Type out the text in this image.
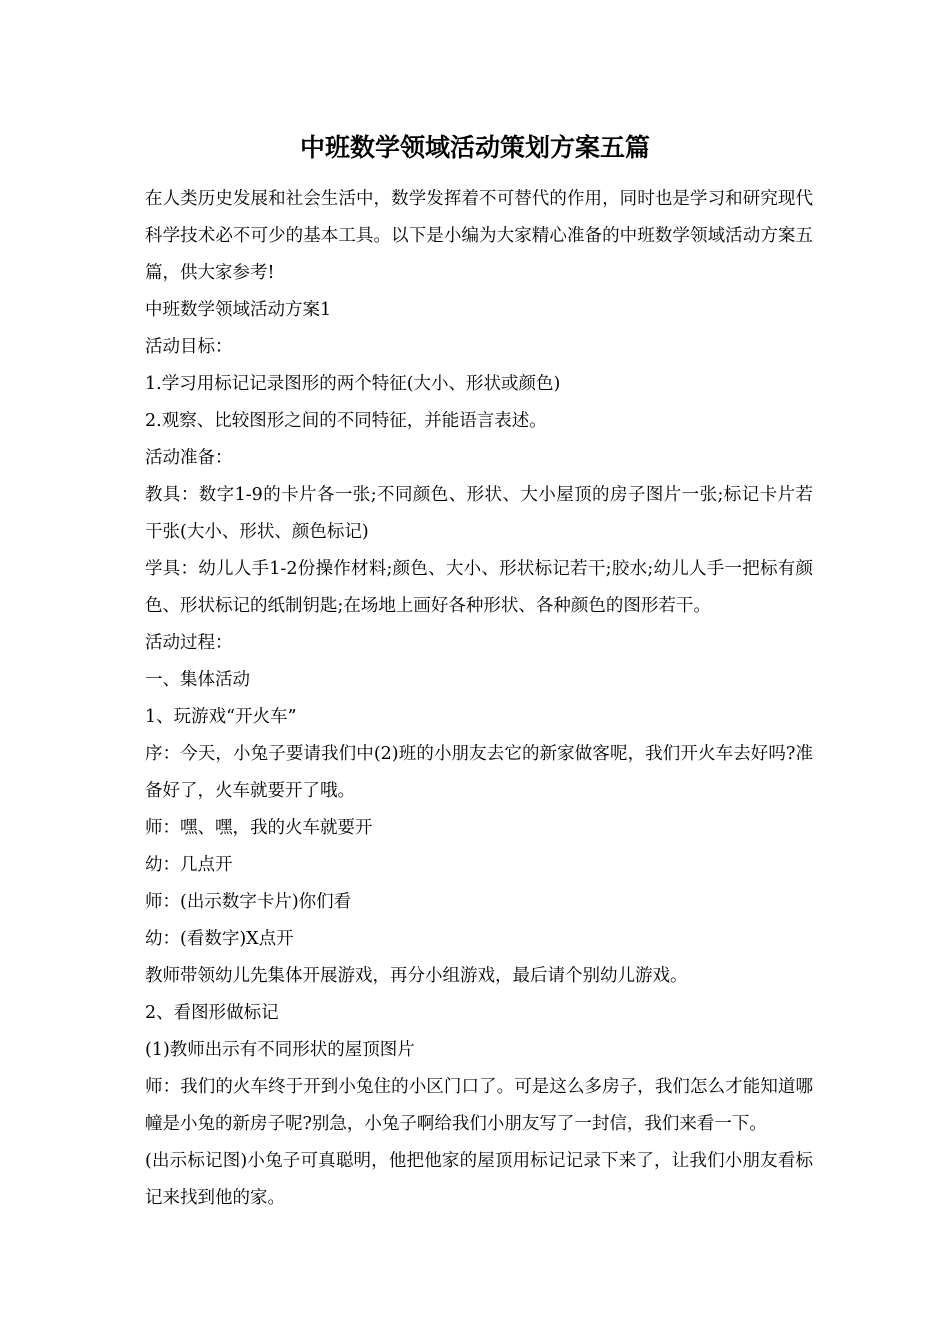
中班数学领域活动策划方案五篇

在人类历史发展和社会生活中，数学发挥着不可替代的作用，同时也是学习和研究现代科学技术必不可少的基本工具。以下是小编为大家精心准备的中班数学领域活动方案五篇，供大家参考!

中班数学领域活动方案1

活动目标：

1.学习用标记记录图形的两个特征(大小、形状或颜色)

2.观察、比较图形之间的不同特征，并能语言表述。

活动准备：

教具：数字1-9的卡片各一张;不同颜色、形状、大小屋顶的房子图片一张;标记卡片若干张(大小、形状、颜色标记)

学具：幼儿人手1-2份操作材料;颜色、大小、形状标记若干;胶水;幼儿人手一把标有颜色、形状标记的纸制钥匙;在场地上画好各种形状、各种颜色的图形若干。

活动过程：

一、集体活动

1、玩游戏“开火车”

序：今天，小兔子要请我们中(2)班的小朋友去它的新家做客呢，我们开火车去好吗?准备好了，火车就要开了哦。

师：嘿、嘿，我的火车就要开

幼：几点开

师：(出示数字卡片)你们看

幼：(看数字)X点开

教师带领幼儿先集体开展游戏，再分小组游戏，最后请个别幼儿游戏。

2、看图形做标记

(1)教师出示有不同形状的屋顶图片

师：我们的火车终于开到小兔住的小区门口了。可是这么多房子，我们怎么才能知道哪幢是小兔的新房子呢?别急，小兔子啊给我们小朋友写了一封信，我们来看一下。

(出示标记图)小兔子可真聪明，他把他家的屋顶用标记记录下来了，让我们小朋友看标记来找到他的家。
